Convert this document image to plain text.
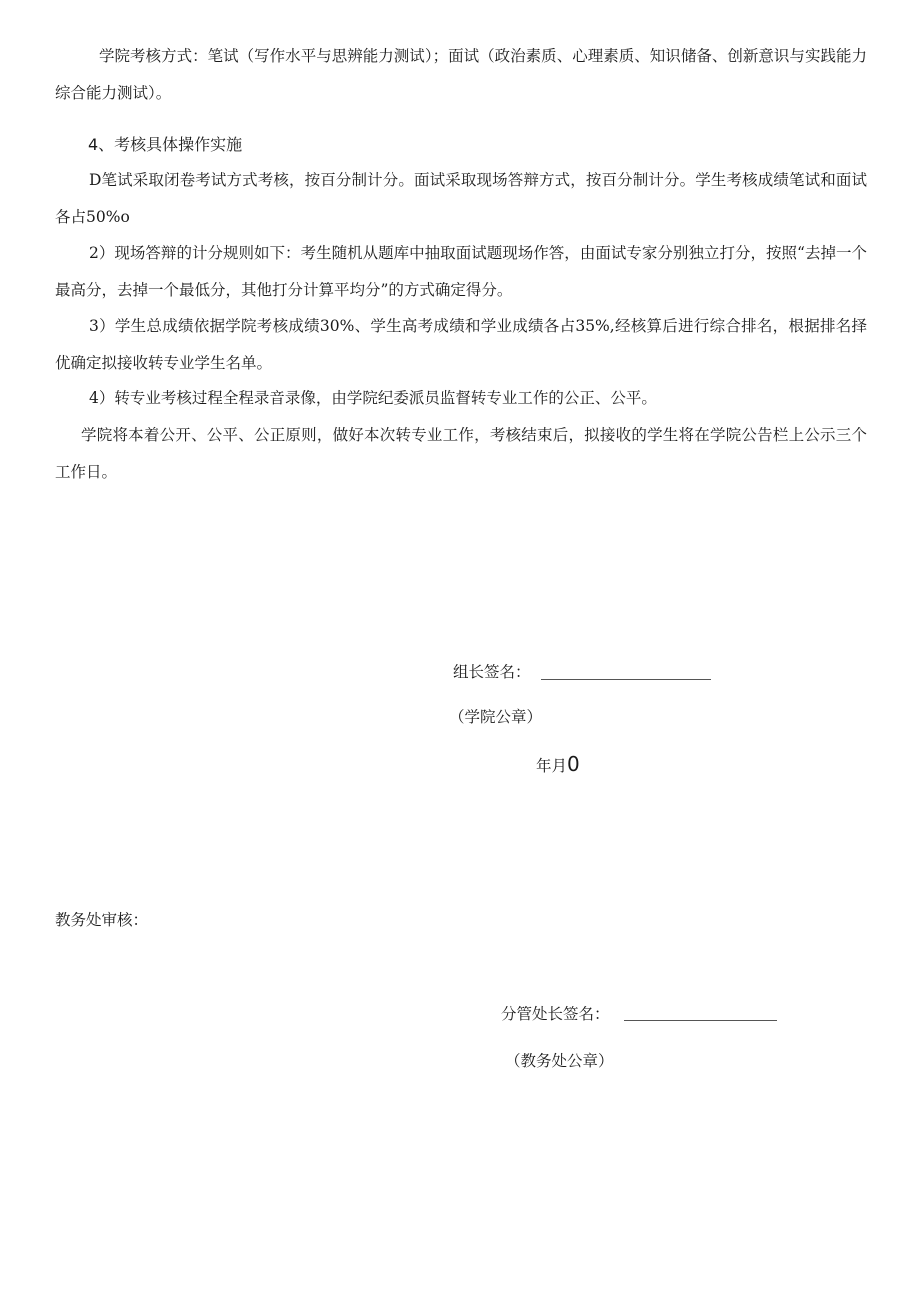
学院考核方式：笔试（写作水平与思辨能力测试）；面试（政治素质、心理素质、知识储备、创新意识与实践能力综合能力测试）。

4、考核具体操作实施

D笔试采取闭卷考试方式考核，按百分制计分。面试采取现场答辩方式，按百分制计分。学生考核成绩笔试和面试各占50%o

2）现场答辩的计分规则如下：考生随机从题库中抽取面试题现场作答，由面试专家分别独立打分，按照“去掉一个最高分，去掉一个最低分，其他打分计算平均分”的方式确定得分。

3）学生总成绩依据学院考核成绩30%、学生高考成绩和学业成绩各占35%,经核算后进行综合排名，根据排名择优确定拟接收转专业学生名单。

4）转专业考核过程全程录音录像，由学院纪委派员监督转专业工作的公正、公平。

学院将本着公开、公平、公正原则，做好本次转专业工作，考核结束后，拟接收的学生将在学院公告栏上公示三个工作日。

组长签名：

（学院公章）

年月0

教务处审核：

分管处长签名：

（教务处公章）
